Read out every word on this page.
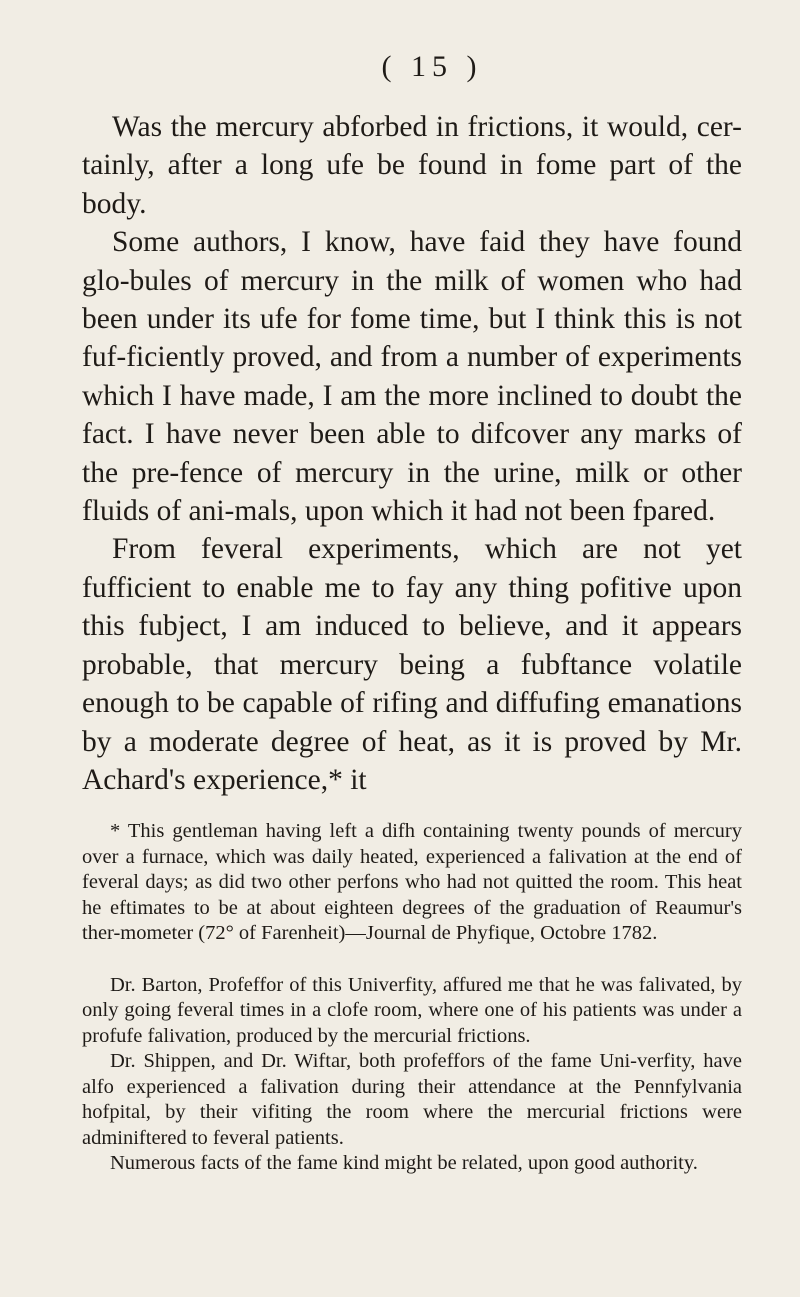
( 15 )

Was the mercury abforbed in frictions, it would, cer-tainly, after a long ufe be found in fome part of the body.

Some authors, I know, have faid they have found glo-bules of mercury in the milk of women who had been under its ufe for fome time, but I think this is not fuf-ficiently proved, and from a number of experiments which I have made, I am the more inclined to doubt the fact. I have never been able to difcover any marks of the pre-fence of mercury in the urine, milk or other fluids of ani-mals, upon which it had not been fpared.

From feveral experiments, which are not yet fufficient to enable me to fay any thing pofitive upon this fubject, I am induced to believe, and it appears probable, that mercury being a fubftance volatile enough to be capable of rifing and diffufing emanations by a moderate degree of heat, as it is proved by Mr. Achard's experience,* it

* This gentleman having left a difh containing twenty pounds of mercury over a furnace, which was daily heated, experienced a falivation at the end of feveral days; as did two other perfons who had not quitted the room. This heat he eftimates to be at about eighteen degrees of the graduation of Reaumur's ther-mometer (72° of Farenheit)—Journal de Phyfique, Octobre 1782.

Dr. Barton, Profeffor of this Univerfity, affured me that he was falivated, by only going feveral times in a clofe room, where one of his patients was under a profufe falivation, produced by the mercurial frictions.

Dr. Shippen, and Dr. Wiftar, both profeffors of the fame Uni-verfity, have alfo experienced a falivation during their attendance at the Pennfylvania hofpital, by their vifiting the room where the mercurial frictions were adminiftered to feveral patients.

Numerous facts of the fame kind might be related, upon good authority.
